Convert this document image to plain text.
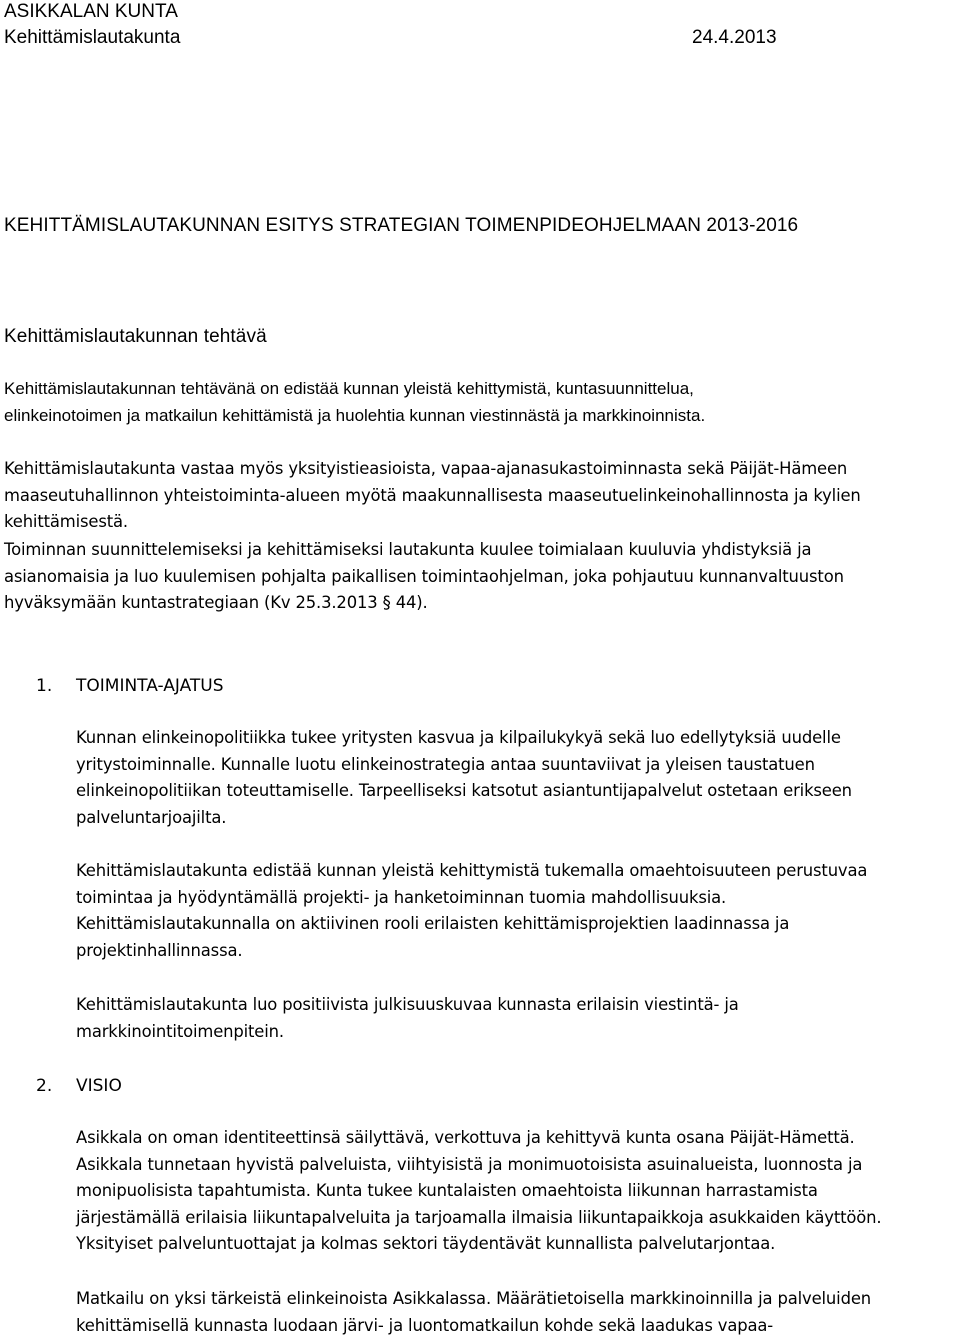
ASIKKALAN KUNTA
Kehittämislautakunta	24.4.2013
KEHITTÄMISLAUTAKUNNAN ESITYS STRATEGIAN TOIMENPIDEOHJELMAAN 2013-2016
Kehittämislautakunnan tehtävä
Kehittämislautakunnan tehtävänä on edistää kunnan yleistä kehittymistä, kuntasuunnittelua,
elinkeinotoimen ja matkailun kehittämistä ja huolehtia kunnan viestinnästä ja markkinoinnista.
Kehittämislautakunta vastaa myös yksityistieasioista, vapaa-ajanasukastoiminnasta sekä Päijät-Hämeen
maaseutuhallinnon yhteistoiminta-alueen myötä maakunnallisesta maaseutuelinkeinohallinnosta ja kylien
kehittämisestä.
Toiminnan suunnittelemiseksi ja kehittämiseksi lautakunta kuulee toimialaan kuuluvia yhdistyksiä ja
asianomaisia ja luo kuulemisen pohjalta paikallisen toimintaohjelman, joka pohjautuu kunnanvaltuuston
hyväksymään kuntastrategiaan (Kv 25.3.2013 § 44).
1. TOIMINTA-AJATUS
Kunnan elinkeinopolitiikka tukee yritysten kasvua ja kilpailukykyä sekä luo edellytyksiä uudelle
yritystoiminnalle. Kunnalle luotu elinkeinostrategia antaa suuntaviivat ja yleisen taustatuen
elinkeinopolitiikan toteuttamiselle. Tarpeelliseksi katsotut asiantuntijapalvelut ostetaan erikseen
palveluntarjoajilta.
Kehittämislautakunta edistää kunnan yleistä kehittymistä tukemalla omaehtoisuuteen perustuvaa
toimintaa ja hyödyntämällä projekti- ja hanketoiminnan tuomia mahdollisuuksia.
Kehittämislautakunnalla on aktiivinen rooli erilaisten kehittämisprojektien laadinnassa ja
projektinhallinnassa.
Kehittämislautakunta luo positiivista julkisuuskuvaa kunnasta erilaisin viestintä- ja
markkinointitoimenpitein.
2. VISIO
Asikkala on oman identiteettinsä säilyttävä, verkottuva ja kehittyvä kunta osana Päijät-Hämettä.
Asikkala tunnetaan hyvistä palveluista, viihtyisistä ja monimuotoisista asuinalueista, luonnosta ja
monipuolisista tapahtumista. Kunta tukee kuntalaisten omaehtoista liikunnan harrastamista
järjestämällä erilaisia liikuntapalveluita ja tarjoamalla ilmaisia liikuntapaikkoja asukkaiden käyttöön.
Yksityiset palveluntuottajat ja kolmas sektori täydentävät kunnallista palvelutarjontaa.
Matkailu on yksi tärkeistä elinkeinoista Asikkalassa. Määrätietoisella markkinoinnilla ja palveluiden
kehittämisellä kunnasta luodaan järvi- ja luontomatkailun kohde sekä laadukas vapaa-
